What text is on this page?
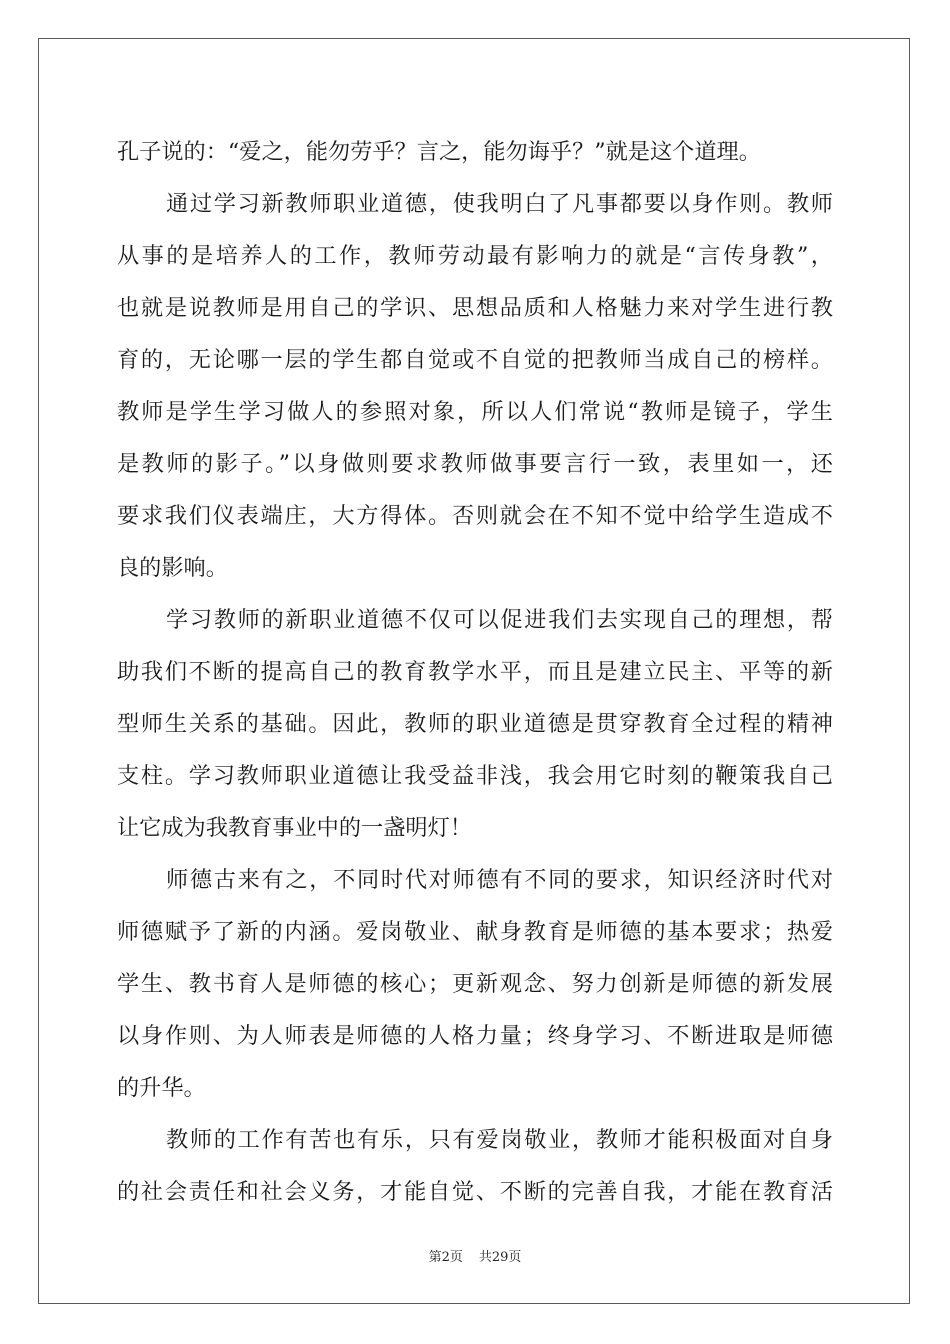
孔子说的：“爱之，能勿劳乎？言之，能勿诲乎？”就是这个道理。
通过学习新教师职业道德，使我明白了凡事都要以身作则。教师
从事的是培养人的工作，教师劳动最有影响力的就是“言传身教”，
也就是说教师是用自己的学识、思想品质和人格魅力来对学生进行教
育的，无论哪一层的学生都自觉或不自觉的把教师当成自己的榜样。
教师是学生学习做人的参照对象，所以人们常说“教师是镜子，学生
是教师的影子。”以身做则要求教师做事要言行一致，表里如一，还
要求我们仪表端庄，大方得体。否则就会在不知不觉中给学生造成不
良的影响。
学习教师的新职业道德不仅可以促进我们去实现自己的理想，帮
助我们不断的提高自己的教育教学水平，而且是建立民主、平等的新
型师生关系的基础。因此，教师的职业道德是贯穿教育全过程的精神
支柱。学习教师职业道德让我受益非浅，我会用它时刻的鞭策我自己
让它成为我教育事业中的一盏明灯！
师德古来有之，不同时代对师德有不同的要求，知识经济时代对
师德赋予了新的内涵。爱岗敬业、献身教育是师德的基本要求；热爱
学生、教书育人是师德的核心；更新观念、努力创新是师德的新发展
以身作则、为人师表是师德的人格力量；终身学习、不断进取是师德
的升华。
教师的工作有苦也有乐，只有爱岗敬业，教师才能积极面对自身
的社会责任和社会义务，才能自觉、不断的完善自我，才能在教育活
第2页 共29页
